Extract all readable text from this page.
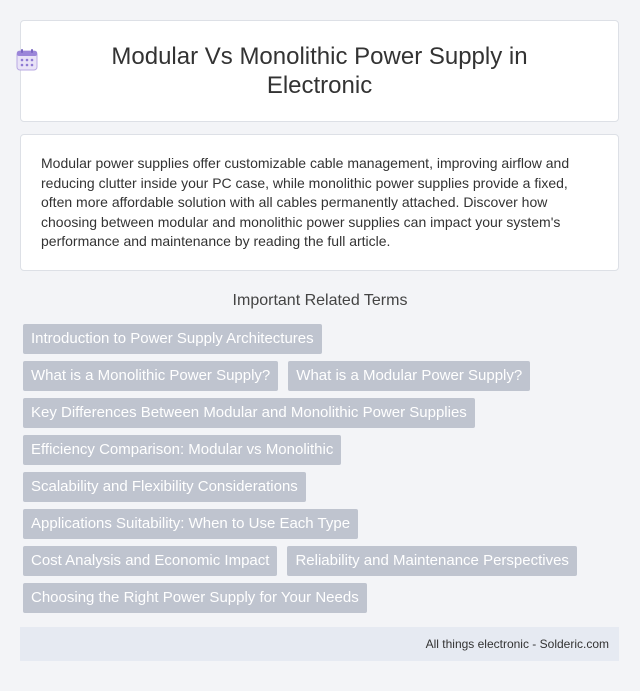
Modular Vs Monolithic Power Supply in Electronic

Modular power supplies offer customizable cable management, improving airflow and reducing clutter inside your PC case, while monolithic power supplies provide a fixed, often more affordable solution with all cables permanently attached. Discover how choosing between modular and monolithic power supplies can impact your system's performance and maintenance by reading the full article.

Important Related Terms
Introduction to Power Supply Architectures
What is a Monolithic Power Supply?	What is a Modular Power Supply?
Key Differences Between Modular and Monolithic Power Supplies
Efficiency Comparison: Modular vs Monolithic
Scalability and Flexibility Considerations
Applications Suitability: When to Use Each Type
Cost Analysis and Economic Impact	Reliability and Maintenance Perspectives
Choosing the Right Power Supply for Your Needs
All things electronic - Solderic.com
